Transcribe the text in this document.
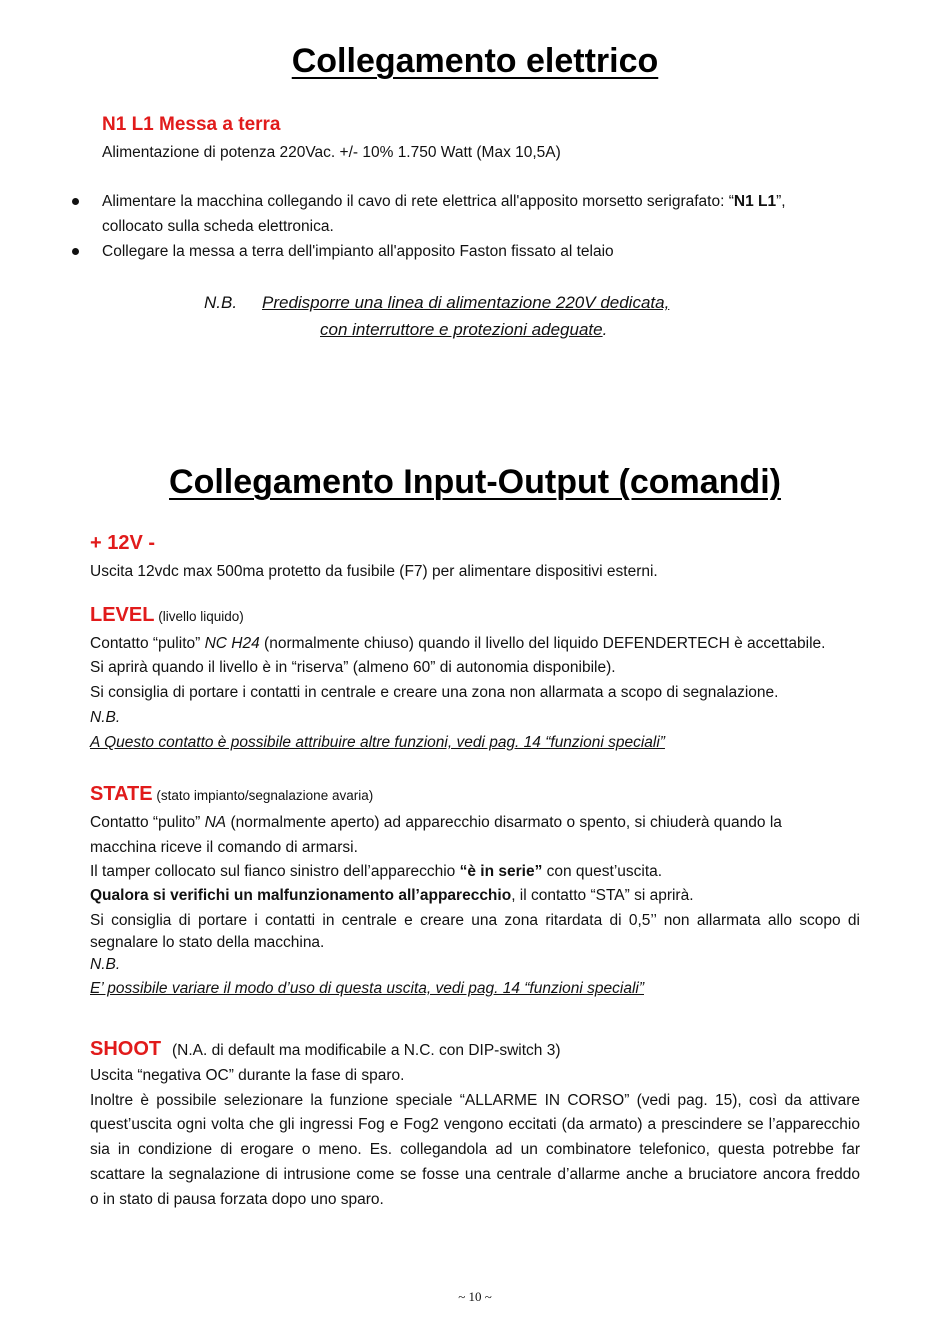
Collegamento elettrico
N1 L1 Messa a terra
Alimentazione di potenza 220Vac. +/- 10% 1.750 Watt (Max 10,5A)
Alimentare la macchina collegando il cavo di rete elettrica all'apposito morsetto serigrafato: “N1 L1”,
collocato sulla scheda elettronica.
Collegare la messa a terra dell'impianto all'apposito Faston fissato al telaio
N.B. Predisporre una linea di alimentazione 220V dedicata,
con interruttore e protezioni adeguate.
Collegamento Input-Output (comandi)
+ 12V -
Uscita 12vdc max 500ma protetto da fusibile (F7) per alimentare dispositivi esterni.
LEVEL (livello liquido)
Contatto “pulito” NC H24 (normalmente chiuso) quando il livello del liquido DEFENDERTECH è accettabile.
Si aprirà quando il livello è in “riserva” (almeno 60” di autonomia disponibile).
Si consiglia di portare i contatti in centrale e creare una zona non allarmata a scopo di segnalazione.
N.B.
A Questo contatto è possibile attribuire altre funzioni, vedi pag. 14 “funzioni speciali”
STATE (stato impianto/segnalazione avaria)
Contatto “pulito” NA (normalmente aperto) ad apparecchio disarmato o spento, si chiuderà quando la
macchina riceve il comando di armarsi.
Il tamper collocato sul fianco sinistro dell’apparecchio “è in serie” con quest’uscita.
Qualora si verifichi un malfunzionamento all’apparecchio, il contatto “STA” si aprirà.
Si consiglia di portare i contatti in centrale e creare una zona ritardata di 0,5’’ non allarmata allo scopo di
segnalare lo stato della macchina.
N.B.
E’ possibile variare il modo d’uso di questa uscita, vedi pag. 14 “funzioni speciali”
SHOOT (N.A. di default ma modificabile a N.C. con DIP-switch 3)
Uscita “negativa OC” durante la fase di sparo.
Inoltre è possibile selezionare la funzione speciale “ALLARME IN CORSO” (vedi pag. 15), così da attivare
quest’uscita ogni volta che gli ingressi Fog e Fog2 vengono eccitati (da armato) a prescindere se l’apparecchio
sia in condizione di erogare o meno. Es. collegandola ad un combinatore telefonico, questa potrebbe far
scattare la segnalazione di intrusione come se fosse una centrale d’allarme anche a bruciatore ancora freddo
o in stato di pausa forzata dopo uno sparo.
~ 10 ~
